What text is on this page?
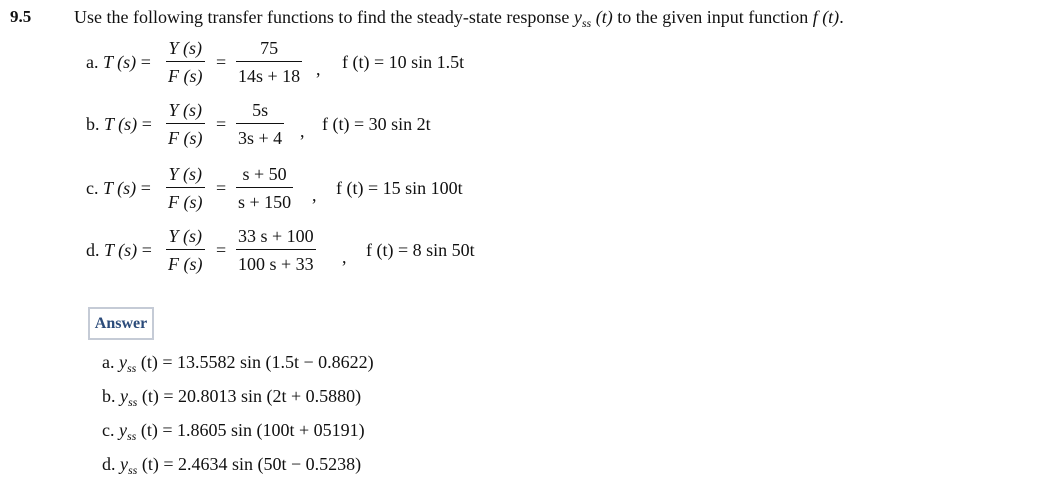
9.5 Use the following transfer functions to find the steady-state response $y_{ss}$ (t) to the given input function f (t).
a. T (s) =
Y (s)
F (s)
=
75
14s + 18 , f (t) = 10 sin 1.5t
b. T (s) =
Y (s)
F (s)
=
5s
3s + 4 , f (t) = 30 sin 2t
c. T (s) =
Y (s)
F (s)
=
s + 50
s + 150 , f (t) = 15 sin 100t
d. T (s) =
Y (s)
F (s)
=
33 s + 100
100 s + 33 , f (t) = 8 sin 50t
Answer
a. $y_{ss}$ (t) = 13.5582 sin (1.5t − 0.8622)
b. $y_{ss}$ (t) = 20.8013 sin (2t + 0.5880)
c. $y_{ss}$ (t) = 1.8605 sin (100t + 05191)
d. $y_{ss}$ (t) = 2.4634 sin (50t − 0.5238)
